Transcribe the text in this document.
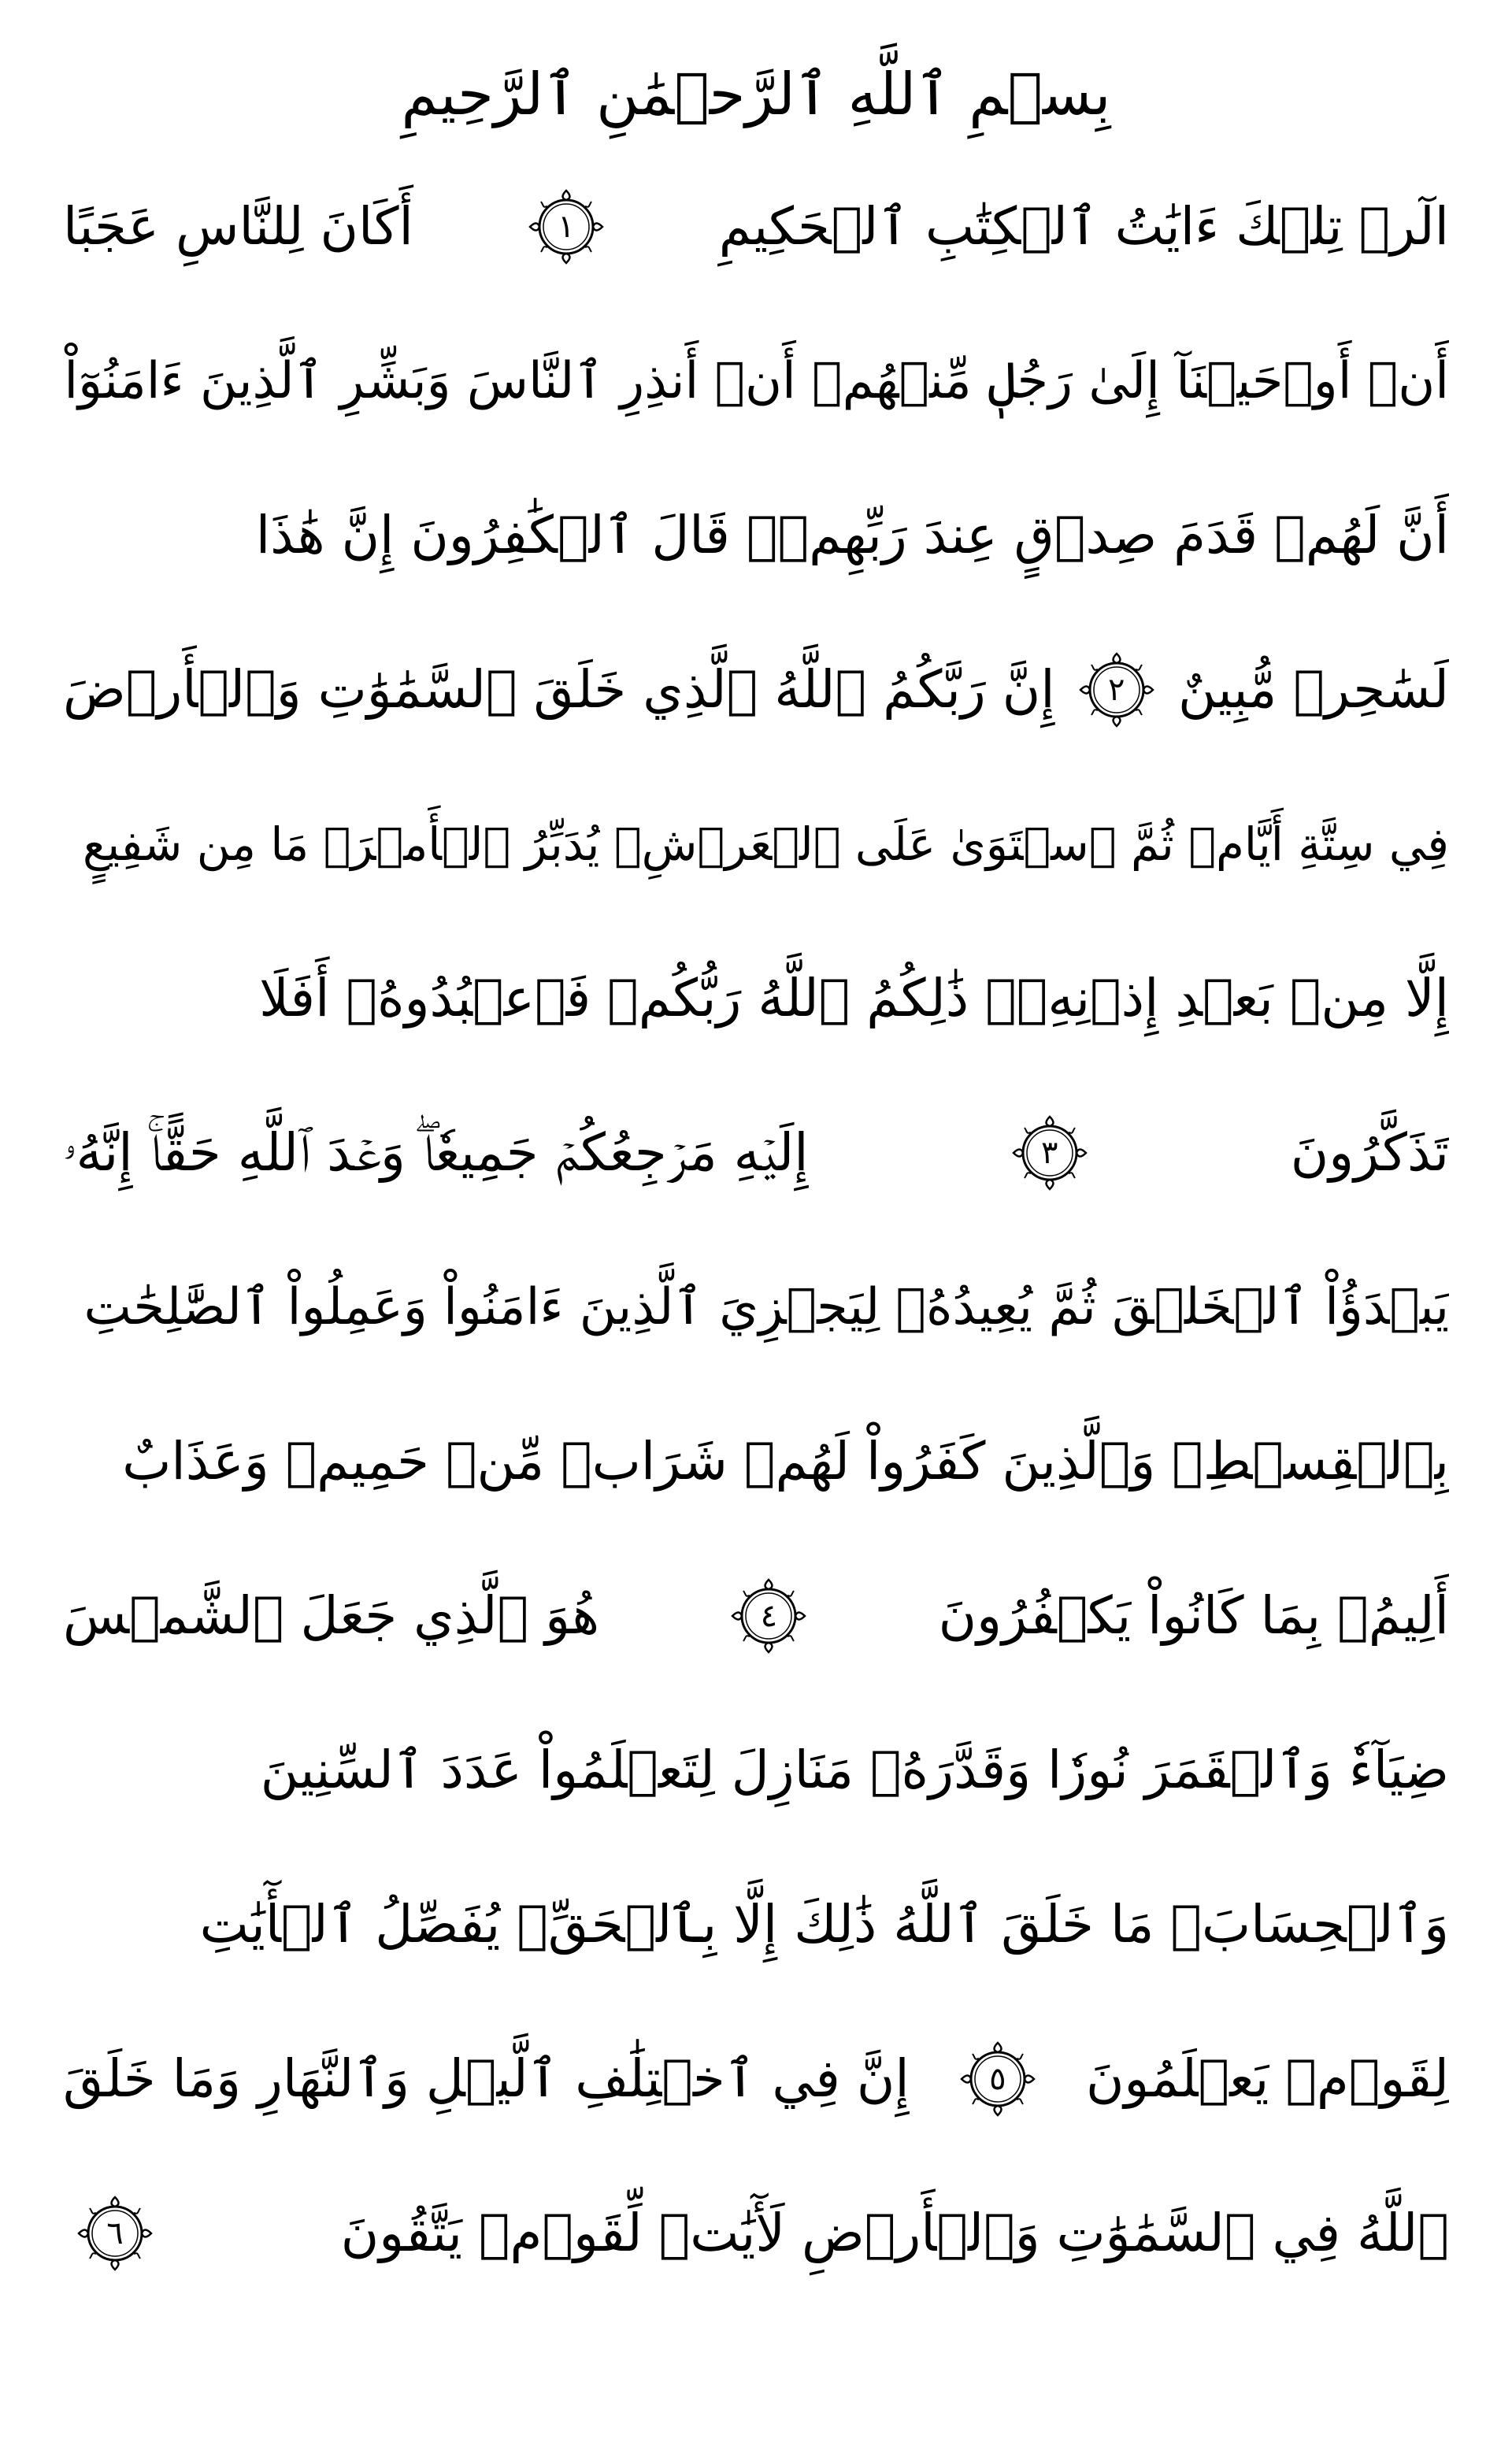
بِسۡمِ ٱللَّهِ ٱلرَّحۡمَٰنِ ٱلرَّحِيمِ
الٓرۚ تِلۡكَ ءَايَٰتُ ٱلۡكِتَٰبِ ٱلۡحَكِيمِ
١
أَكَانَ لِلنَّاسِ عَجَبًا
أَنۡ أَوۡحَيۡنَآ إِلَىٰ رَجُلٖ مِّنۡهُمۡ أَنۡ أَنذِرِ ٱلنَّاسَ وَبَشِّرِ ٱلَّذِينَ ءَامَنُوٓاْ
أَنَّ لَهُمۡ قَدَمَ صِدۡقٍ عِندَ رَبِّهِمۡۗ قَالَ ٱلۡكَٰفِرُونَ إِنَّ هَٰذَا
لَسَٰحِرٞ مُّبِينٌ
٢
إِنَّ رَبَّكُمُ ٱللَّهُ ٱلَّذِي خَلَقَ ٱلسَّمَٰوَٰتِ وَٱلۡأَرۡضَ
فِي سِتَّةِ أَيَّامٖ ثُمَّ ٱسۡتَوَىٰ عَلَى ٱلۡعَرۡشِۖ يُدَبِّرُ ٱلۡأَمۡرَۖ مَا مِن شَفِيعٍ
إِلَّا مِنۢ بَعۡدِ إِذۡنِهِۦۚ ذَٰلِكُمُ ٱللَّهُ رَبُّكُمۡ فَٱعۡبُدُوهُۚ أَفَلَا
تَذَكَّرُونَ
٣
إِلَيۡهِ مَرۡجِعُكُمۡ جَمِيعٗاۖ وَعۡدَ ٱللَّهِ حَقًّاۚ إِنَّهُۥ
يَبۡدَؤُاْ ٱلۡخَلۡقَ ثُمَّ يُعِيدُهُۥ لِيَجۡزِيَ ٱلَّذِينَ ءَامَنُواْ وَعَمِلُواْ ٱلصَّٰلِحَٰتِ
بِٱلۡقِسۡطِۚ وَٱلَّذِينَ كَفَرُواْ لَهُمۡ شَرَابٞ مِّنۡ حَمِيمٖ وَعَذَابٌ
أَلِيمُۢ بِمَا كَانُواْ يَكۡفُرُونَ
٤
هُوَ ٱلَّذِي جَعَلَ ٱلشَّمۡسَ
ضِيَآءٗ وَٱلۡقَمَرَ نُورٗا وَقَدَّرَهُۥ مَنَازِلَ لِتَعۡلَمُواْ عَدَدَ ٱلسِّنِينَ
وَٱلۡحِسَابَۚ مَا خَلَقَ ٱللَّهُ ذَٰلِكَ إِلَّا بِٱلۡحَقِّۚ يُفَصِّلُ ٱلۡأٓيَٰتِ
لِقَوۡمٖ يَعۡلَمُونَ
٥
إِنَّ فِي ٱخۡتِلَٰفِ ٱلَّيۡلِ وَٱلنَّهَارِ وَمَا خَلَقَ
ٱللَّهُ فِي ٱلسَّمَٰوَٰتِ وَٱلۡأَرۡضِ لَأٓيَٰتٖ لِّقَوۡمٖ يَتَّقُونَ
٦
